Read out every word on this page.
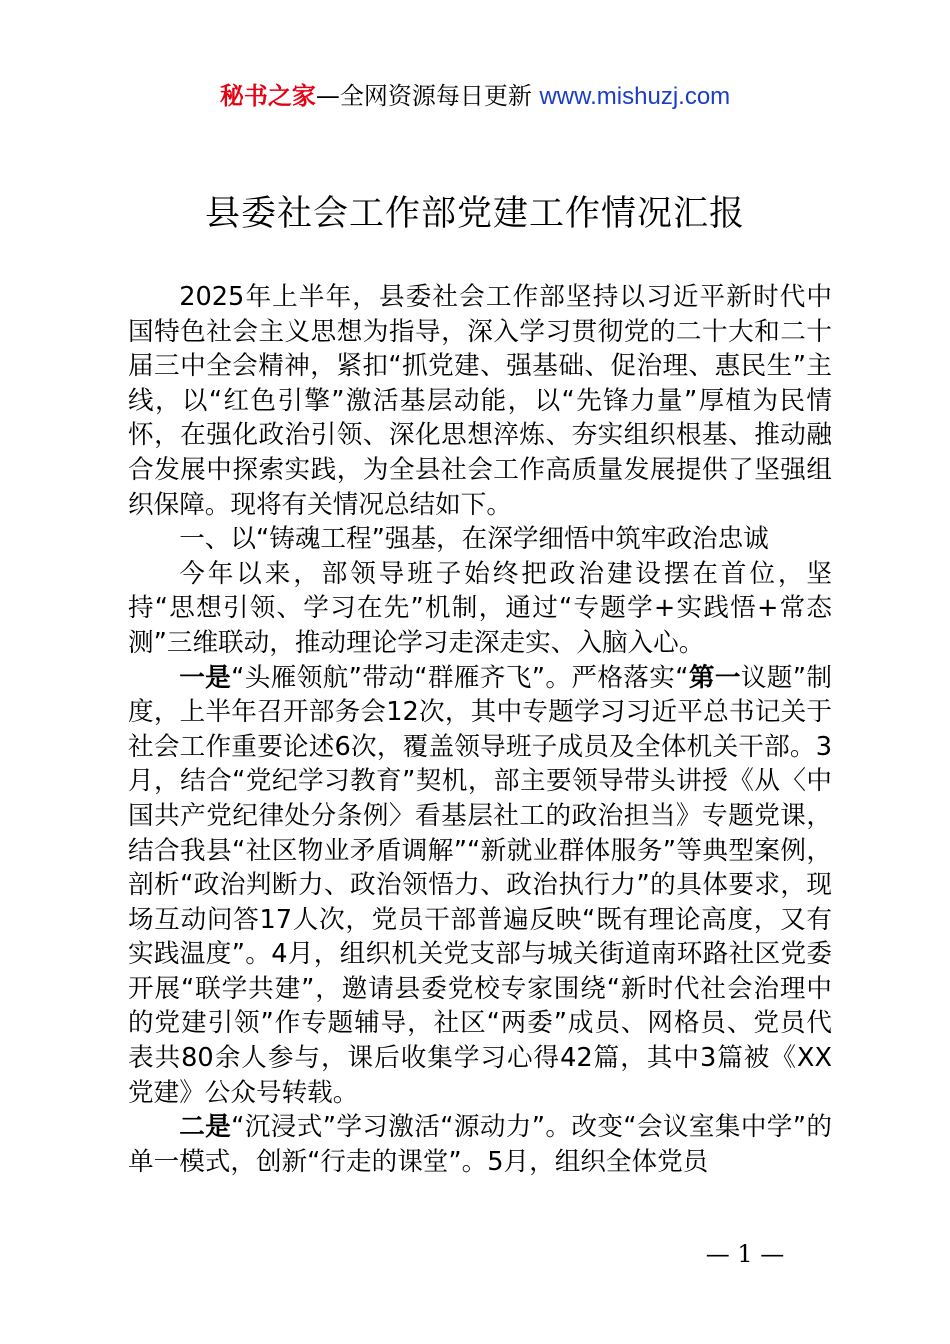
秘书之家—全网资源每日更新 www.mishuzj.com
县委社会工作部党建工作情况汇报

2025年上半年，县委社会工作部坚持以习近平新时代中国特色社会主义思想为指导，深入学习贯彻党的二十大和二十届三中全会精神，紧扣“抓党建、强基础、促治理、惠民生”主线，以“红色引擎”激活基层动能，以“先锋力量”厚植为民情怀，在强化政治引领、深化思想淬炼、夯实组织根基、推动融合发展中探索实践，为全县社会工作高质量发展提供了坚强组织保障。现将有关情况总结如下。

一、以“铸魂工程”强基，在深学细悟中筑牢政治忠诚

今年以来，部领导班子始终把政治建设摆在首位，坚持“思想引领、学习在先”机制，通过“专题学+实践悟+常态测”三维联动，推动理论学习走深走实、入脑入心。

一是“头雁领航”带动“群雁齐飞”。严格落实“第一议题”制度，上半年召开部务会12次，其中专题学习习近平总书记关于社会工作重要论述6次，覆盖领导班子成员及全体机关干部。3月，结合“党纪学习教育”契机，部主要领导带头讲授《从〈中国共产党纪律处分条例〉看基层社工的政治担当》专题党课，结合我县“社区物业矛盾调解”“新就业群体服务”等典型案例，剖析“政治判断力、政治领悟力、政治执行力”的具体要求，现场互动问答17人次，党员干部普遍反映“既有理论高度，又有实践温度”。4月，组织机关党支部与城关街道南环路社区党委开展“联学共建”，邀请县委党校专家围绕“新时代社会治理中的党建引领”作专题辅导，社区“两委”成员、网格员、党员代表共80余人参与，课后收集学习心得42篇，其中3篇被《XX党建》公众号转载。

二是“沉浸式”学习激活“源动力”。改变“会议室集中学”的单一模式，创新“行走的课堂”。5月，组织全体党员

— 1 —
